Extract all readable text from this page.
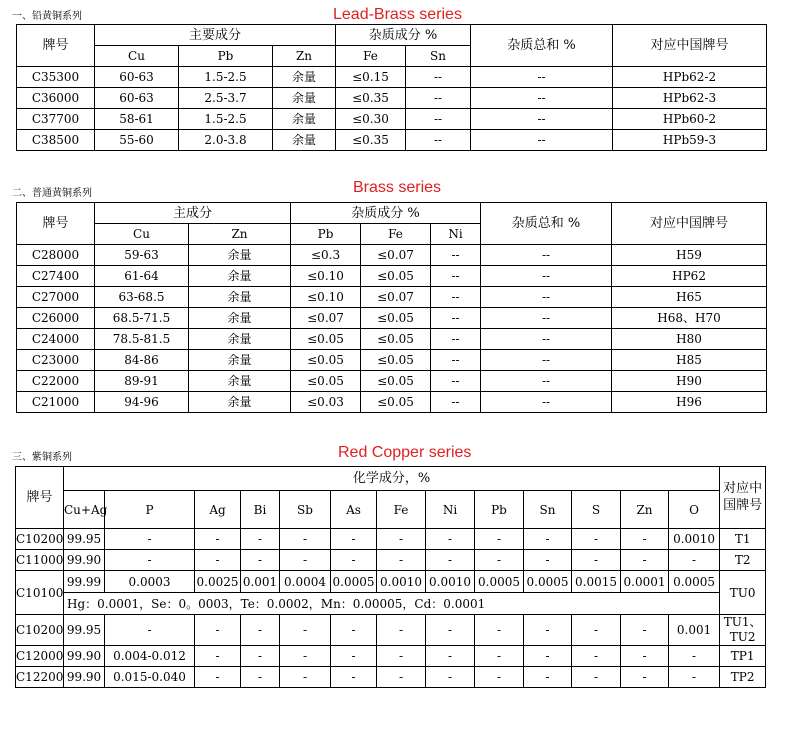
一、铅黄铜系列	Lead-Brass series
牌号	主要成分			杂质成分 %		杂质总和 %	对应中国牌号
	Cu	Pb	Zn	Fe	Sn		
C35300	60-63	1.5-2.5	余量	≤0.15	--	--	HPb62-2
C36000	60-63	2.5-3.7	余量	≤0.35	--	--	HPb62-3
C37700	58-61	1.5-2.5	余量	≤0.30	--	--	HPb60-2
C38500	55-60	2.0-3.8	余量	≤0.35	--	--	HPb59-3
二、普通黄铜系列	Brass series
牌号	主成分		杂质成分 %			杂质总和 %	对应中国牌号
	Cu	Zn	Pb	Fe	Ni		
C28000	59-63	余量	≤0.3	≤0.07	--	--	H59
C27400	61-64	余量	≤0.10	≤0.05	--	--	HP62
C27000	63-68.5	余量	≤0.10	≤0.07	--	--	H65
C26000	68.5-71.5	余量	≤0.07	≤0.05	--	--	H68、H70
C24000	78.5-81.5	余量	≤0.05	≤0.05	--	--	H80
C23000	84-86	余量	≤0.05	≤0.05	--	--	H85
C22000	89-91	余量	≤0.05	≤0.05	--	--	H90
C21000	94-96	余量	≤0.03	≤0.05	--	--	H96
三、紫铜系列	Red Copper series
牌号	化学成分，%													对应中国牌号
	Cu+Ag	P	Ag	Bi	Sb	As	Fe	Ni	Pb	Sn	S	Zn	O	
C10200	99.95	-	-	-	-	-	-	-	-	-	-	-	0.0010	T1
C11000	99.90	-	-	-	-	-	-	-	-	-	-	-	-	T2
C10100	99.99	0.0003	0.0025	0.001	0.0004	0.0005	0.0010	0.0010	0.0005	0.0005	0.0015	0.0001	0.0005	TU0
	Hg：0.0001，Se：0。0003，Te：0.0002，Mn：0.00005，Cd：0.0001													
C10200	99.95	-	-	-	-	-	-	-	-	-	-	-	0.001	TU1、TU2
C12000	99.90	0.004-0.012	-	-	-	-	-	-	-	-	-	-	-	TP1
C12200	99.90	0.015-0.040	-	-	-	-	-	-	-	-	-	-	-	TP2
